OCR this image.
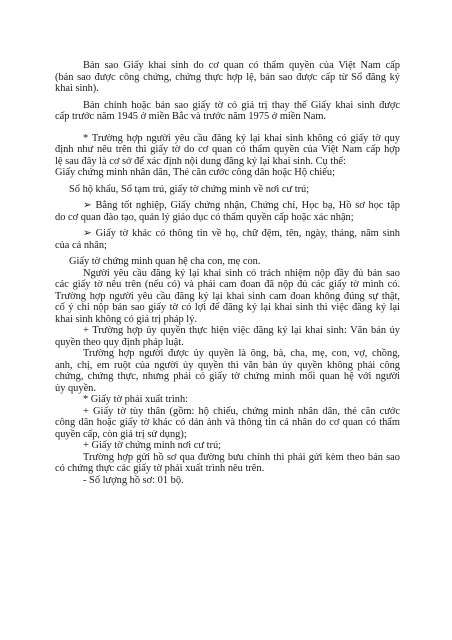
Bản sao Giấy khai sinh do cơ quan có thẩm quyền của Việt Nam cấp
(bản sao được công chứng, chứng thực hợp lệ, bản sao được cấp từ Sổ đăng ký
khai sinh).
Bản chính hoặc bản sao giấy tờ có giá trị thay thế Giấy khai sinh được
cấp trước năm 1945 ở miền Bắc và trước năm 1975 ở miền Nam.
* Trường hợp người yêu cầu đăng ký lại khai sinh không có giấy tờ quy
định như nêu trên thì giấy tờ do cơ quan có thẩm quyền của Việt Nam cấp hợp
lệ sau đây là cơ sở để xác định nội dung đăng ký lại khai sinh. Cụ thể:
Giấy chứng minh nhân dân, Thẻ căn cước công dân hoặc Hộ chiếu;
Sổ hộ khẩu, Sổ tạm trú, giấy tờ chứng minh về nơi cư trú;
➢ Bằng tốt nghiệp, Giấy chứng nhận, Chứng chỉ, Học bạ, Hồ sơ học tập
do cơ quan đào tạo, quản lý giáo dục có thẩm quyền cấp hoặc xác nhận;
➢ Giấy tờ khác có thông tin về họ, chữ đệm, tên, ngày, tháng, năm sinh
của cá nhân;
Giấy tờ chứng minh quan hệ cha con, mẹ con.
Người yêu cầu đăng ký lại khai sinh có trách nhiệm nộp đầy đủ bản sao
các giấy tờ nêu trên (nếu có) và phải cam đoan đã nộp đủ các giấy tờ mình có.
Trường hợp người yêu cầu đăng ký lại khai sinh cam đoan không đúng sự thật,
cố ý chỉ nộp bản sao giấy tờ có lợi để đăng ký lại khai sinh thì việc đăng ký lại
khai sinh không có giá trị pháp lý.
+ Trường hợp ủy quyền thực hiện việc đăng ký lại khai sinh: Văn bản ủy
quyền theo quy định pháp luật.
Trường hợp người được ủy quyền là ông, bà, cha, mẹ, con, vợ, chồng,
anh, chị, em ruột của người ủy quyền thì văn bản ủy quyền không phải công
chứng, chứng thực, nhưng phải có giấy tờ chứng minh mối quan hệ với người
ủy quyền.
* Giấy tờ phải xuất trình:
+ Giấy tờ tùy thân (gồm: hộ chiếu, chứng minh nhân dân, thẻ căn cước
công dân hoặc giấy tờ khác có dán ảnh và thông tin cá nhân do cơ quan có thẩm
quyền cấp, còn giá trị sử dụng);
+ Giấy tờ chứng minh nơi cư trú;
Trường hợp gửi hồ sơ qua đường bưu chính thì phải gửi kèm theo bản sao
có chứng thực các giấy tờ phải xuất trình nêu trên.
- Số lượng hồ sơ: 01 bộ.
